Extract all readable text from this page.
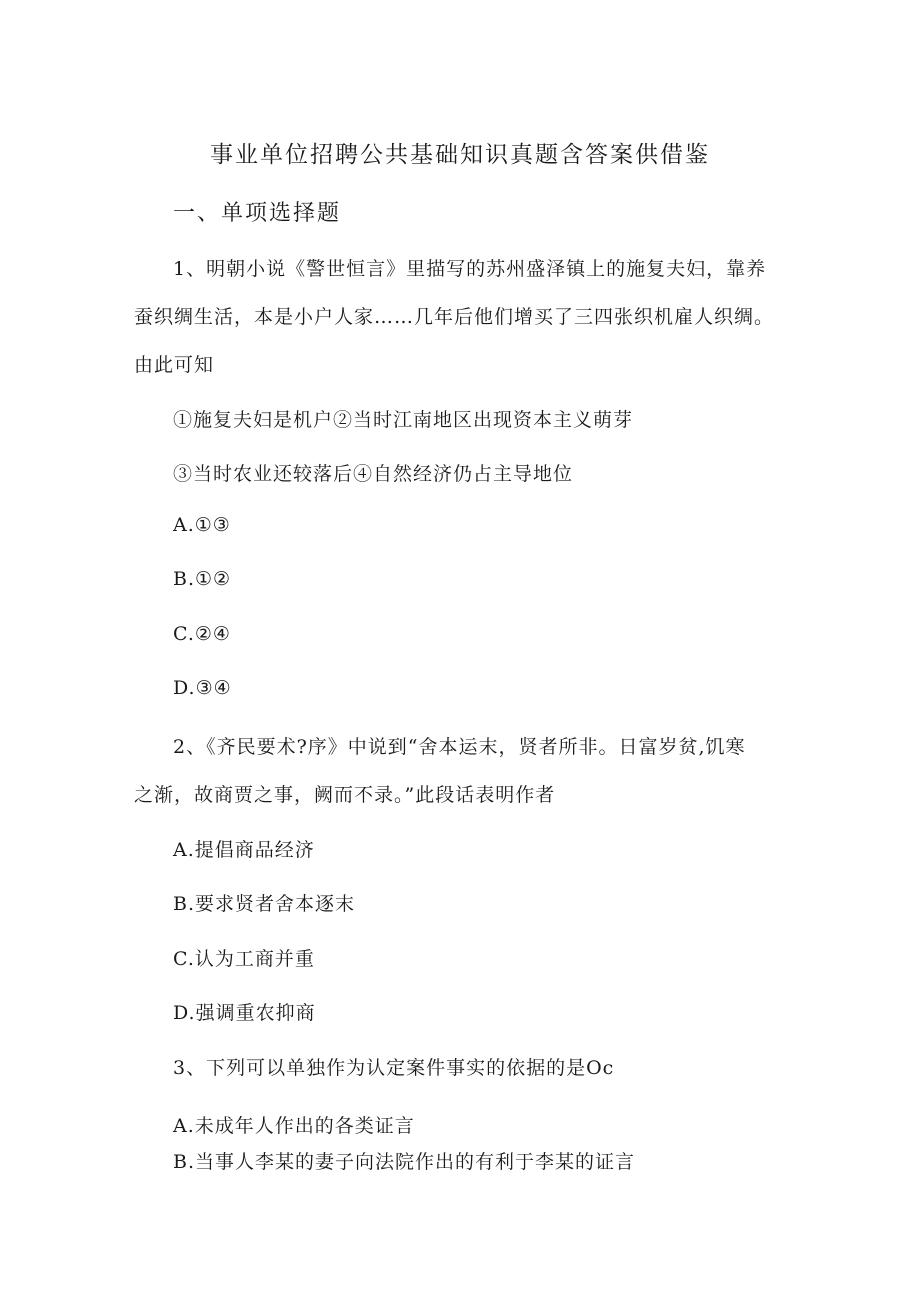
事业单位招聘公共基础知识真题含答案供借鉴
一、单项选择题
1、明朝小说《警世恒言》里描写的苏州盛泽镇上的施复夫妇，靠养
蚕织绸生活，本是小户人家……几年后他们增买了三四张织机雇人织绸。
由此可知
①施复夫妇是机户②当时江南地区出现资本主义萌芽
③当时农业还较落后④自然经济仍占主导地位
A.①③
B.①②
C.②④
D.③④
2、《齐民要术?序》中说到“舍本运末，贤者所非。日富岁贫,饥寒
之渐，故商贾之事，阙而不录。”此段话表明作者
A.提倡商品经济
B.要求贤者舍本逐末
C.认为工商并重
D.强调重农抑商
3、下列可以单独作为认定案件事实的依据的是Oc
A.未成年人作出的各类证言
B.当事人李某的妻子向法院作出的有利于李某的证言
